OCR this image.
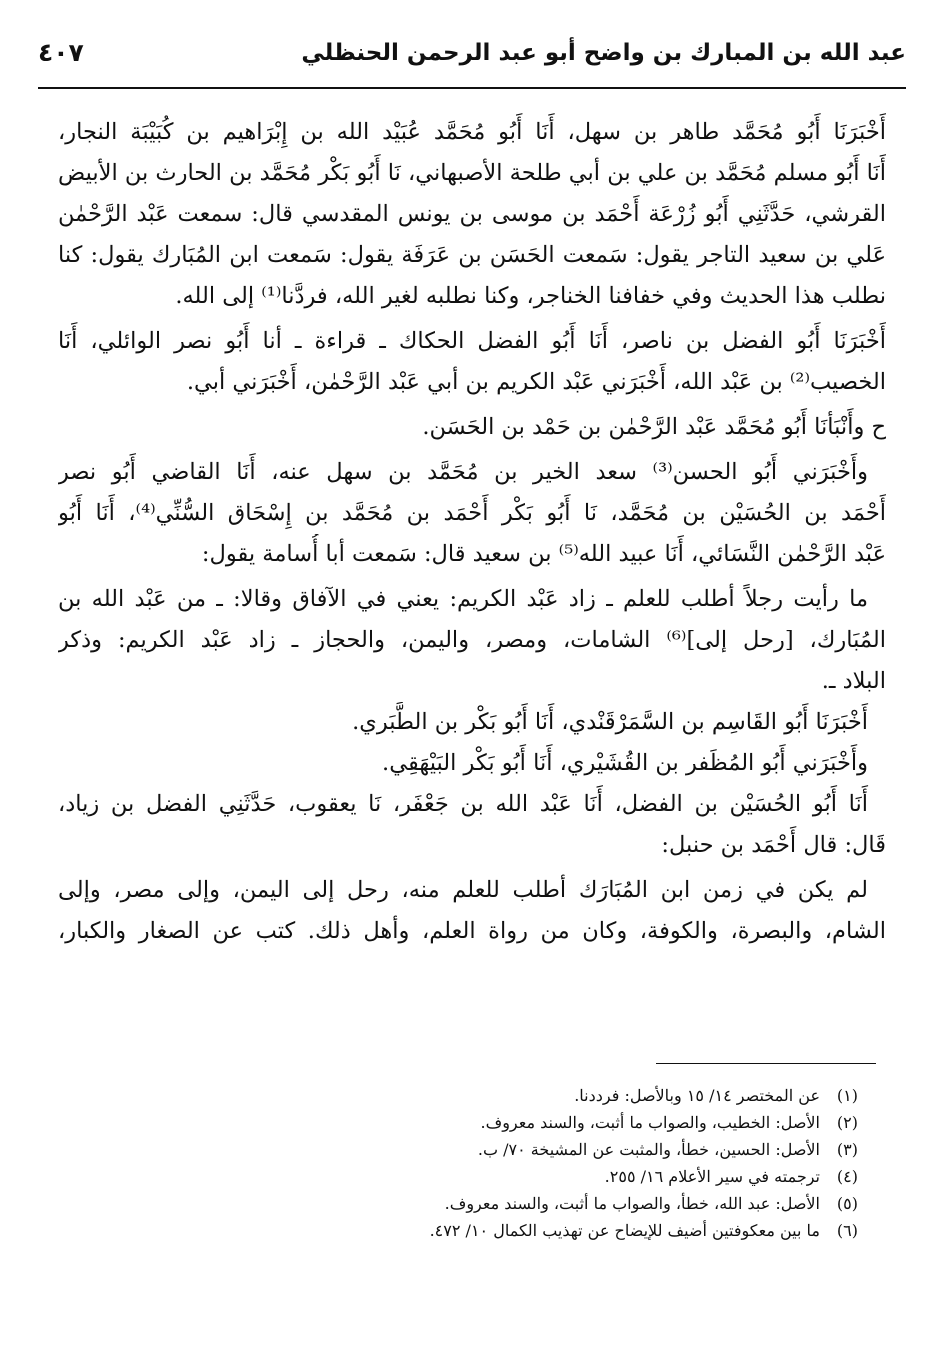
عبد الله بن المبارك بن واضح أبو عبد الرحمن الحنظلي
٤٠٧
أَخْبَرَنَا أَبُو مُحَمَّد طاهر بن سهل، أَنَا أَبُو مُحَمَّد عُبَيْد الله بن إِبْرَاهيم بن كُبَيْبَة النجار،
أَنَا أَبُو مسلم مُحَمَّد بن علي بن أبي طلحة الأصبهاني، نَا أَبُو بَكْر مُحَمَّد بن الحارث بن الأبيض
القرشي، حَدَّثَنِي أَبُو زُرْعَة أَحْمَد بن موسى بن يونس المقدسي قال: سمعت عَبْد الرَّحْمٰن
عَلي بن سعيد التاجر يقول: سَمعت الحَسَن بن عَرَفَة يقول: سَمعت ابن المُبَارك يقول: كنا
نطلب هذا الحديث وفي خفافنا الخناجر، وكنا نطلبه لغير الله، فردَّنا⁽¹⁾ إلى الله.
أَخْبَرَنَا أَبُو الفضل بن ناصر، أَنَا أَبُو الفضل الحكاك ـ قراءة ـ أنا أَبُو نصر الوائلي، أَنَا
الخصيب⁽²⁾ بن عَبْد الله، أَخْبَرَني عَبْد الكريم بن أبي عَبْد الرَّحْمٰن، أَخْبَرَني أبي.
ح وأَنْبَأنَا أَبُو مُحَمَّد عَبْد الرَّحْمٰن بن حَمْد بن الحَسَن.
وأَخْبَرَني أَبُو الحسن⁽³⁾ سعد الخير بن مُحَمَّد بن سهل عنه، أَنَا القاضي أَبُو نصر
أَحْمَد بن الحُسَيْن بن مُحَمَّد، نَا أَبُو بَكْر أَحْمَد بن مُحَمَّد بن إِسْحَاق السُّنِّي⁽⁴⁾، أَنَا أَبُو
عَبْد الرَّحْمٰن النَّسَائي، أَنَا عبيد الله⁽⁵⁾ بن سعيد قال: سَمعت أبا أُسامة يقول:
ما رأيت رجلاً أطلب للعلم ـ زاد عَبْد الكريم: يعني في الآفاق وقالا: ـ من عَبْد الله بن
المُبَارك، [رحل إلى]⁽⁶⁾ الشامات، ومصر، واليمن، والحجاز ـ زاد عَبْد الكريم: وذكر
البلاد ـ.
أَخْبَرَنَا أَبُو القَاسِم بن السَّمَرْقَنْدي، أَنَا أَبُو بَكْر بن الطَّبَري.
وأَخْبَرَني أَبُو المُظَفر بن القُشَيْري، أَنَا أَبُو بَكْر البَيْهَقِي.
أَنَا أَبُو الحُسَيْن بن الفضل، أَنَا عَبْد الله بن جَعْفَر، نَا يعقوب، حَدَّثَنِي الفضل بن زياد،
قَال: قال أَحْمَد بن حنبل:
لم يكن في زمن ابن المُبَارَك أطلب للعلم منه، رحل إلى اليمن، وإلى مصر، وإلى
الشام، والبصرة، والكوفة، وكان من رواة العلم، وأهل ذلك. كتب عن الصغار والكبار،
(١)
عن المختصر ١٤/ ١٥ وبالأصل: فرددنا.
(٢)
الأصل: الخطيب، والصواب ما أثبت، والسند معروف.
(٣)
الأصل: الحسين، خطأ، والمثبت عن المشيخة ٧٠/ ب.
(٤)
ترجمته في سير الأعلام ١٦/ ٢٥٥.
(٥)
الأصل: عبد الله، خطأ، والصواب ما أثبت، والسند معروف.
(٦)
ما بين معكوفتين أضيف للإيضاح عن تهذيب الكمال ١٠/ ٤٧٢.
